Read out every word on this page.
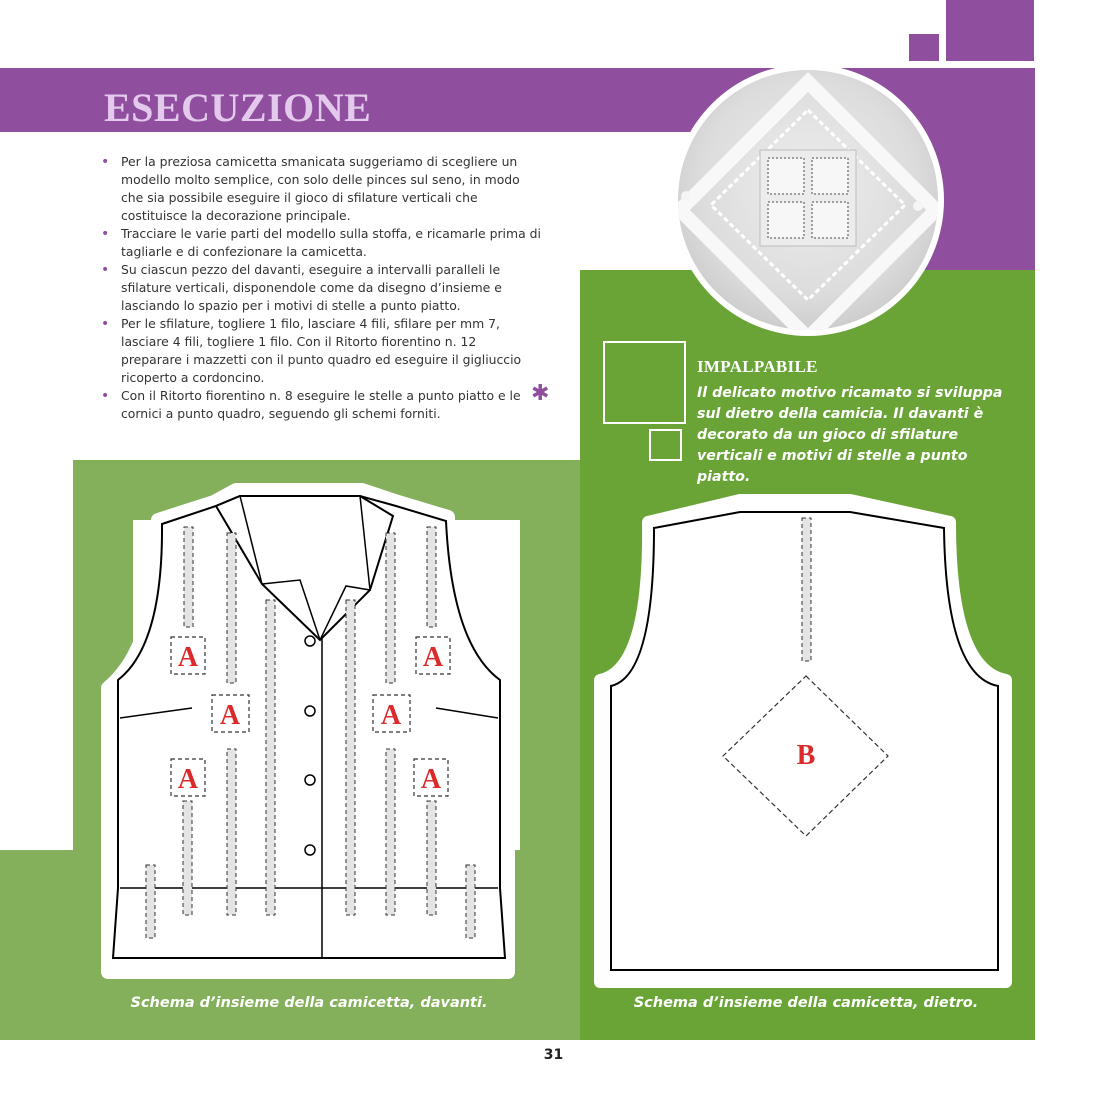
A
A
A
A
A
A
B
ESECUZIONE
• Per la preziosa camicetta smanicata suggeriamo di scegliere un modello molto semplice, con solo delle pinces sul seno, in modo che sia possibile eseguire il gioco di sfilature verticali che costituisce la decorazione principale.
• Tracciare le varie parti del modello sulla stoffa, e ricamarle prima di tagliarle e di confezionare la camicetta.
• Su ciascun pezzo del davanti, eseguire a intervalli paralleli le sfilature verticali, disponendole come da disegno d’insieme e lasciando lo spazio per i motivi di stelle a punto piatto.
• Per le sfilature, togliere 1 filo, lasciare 4 fili, sfilare per mm 7, lasciare 4 fili, togliere 1 filo. Con il Ritorto fiorentino n. 12 preparare i mazzetti con il punto quadro ed eseguire il gigliuccio ricoperto a cordoncino.
• Con il Ritorto fiorentino n. 8 eseguire le stelle a punto piatto e le cornici a punto quadro, seguendo gli schemi forniti.
✱
IMPALPABILE

Il delicato motivo ricamato si sviluppa sul dietro della camicia. Il davanti è decorato da un gioco di sfilature verticali e motivi di stelle a punto piatto.

Schema d’insieme della camicetta, davanti.	Schema d’insieme della camicetta, dietro.

31
